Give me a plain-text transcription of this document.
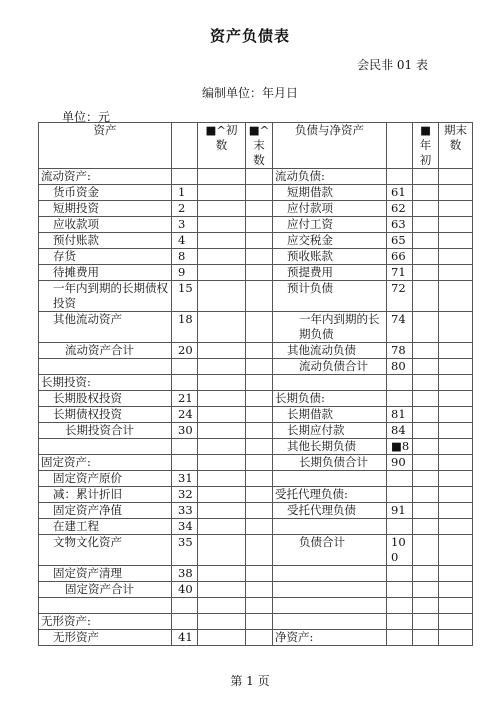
资产负债表
会民非 01 表
编制单位：年月日
单位：元
资产		■^初数	■^末数	负债与净资产		■年初	期末数
流动资产:				流动负债:			
货币资金	1			短期借款	61		
短期投资	2			应付款项	62		
应收款项	3			应付工资	63		
预付账款	4			应交税金	65		
存货	8			预收账款	66		
待摊费用	9			预提费用	71		
一年内到期的长期债权投资	15			预计负债	72		
其他流动资产	18			一年内到期的长期负债	74		
流动资产合计	20			其他流动负债	78		
				流动负债合计	80		
长期投资:							
长期股权投资	21			长期负债:			
长期债权投资	24			长期借款	81		
长期投资合计	30			长期应付款	84		
				其他长期负债	■8		
固定资产:				长期负债合计	90		
固定资产原价	31						
减：累计折旧	32			受托代理负债:			
固定资产净值	33			受托代理负债	91		
在建工程	34						
文物文化资产	35			负债合计	100		
固定资产清理	38						
固定资产合计	40						

无形资产:							
无形资产	41			净资产:			
第 1 页
